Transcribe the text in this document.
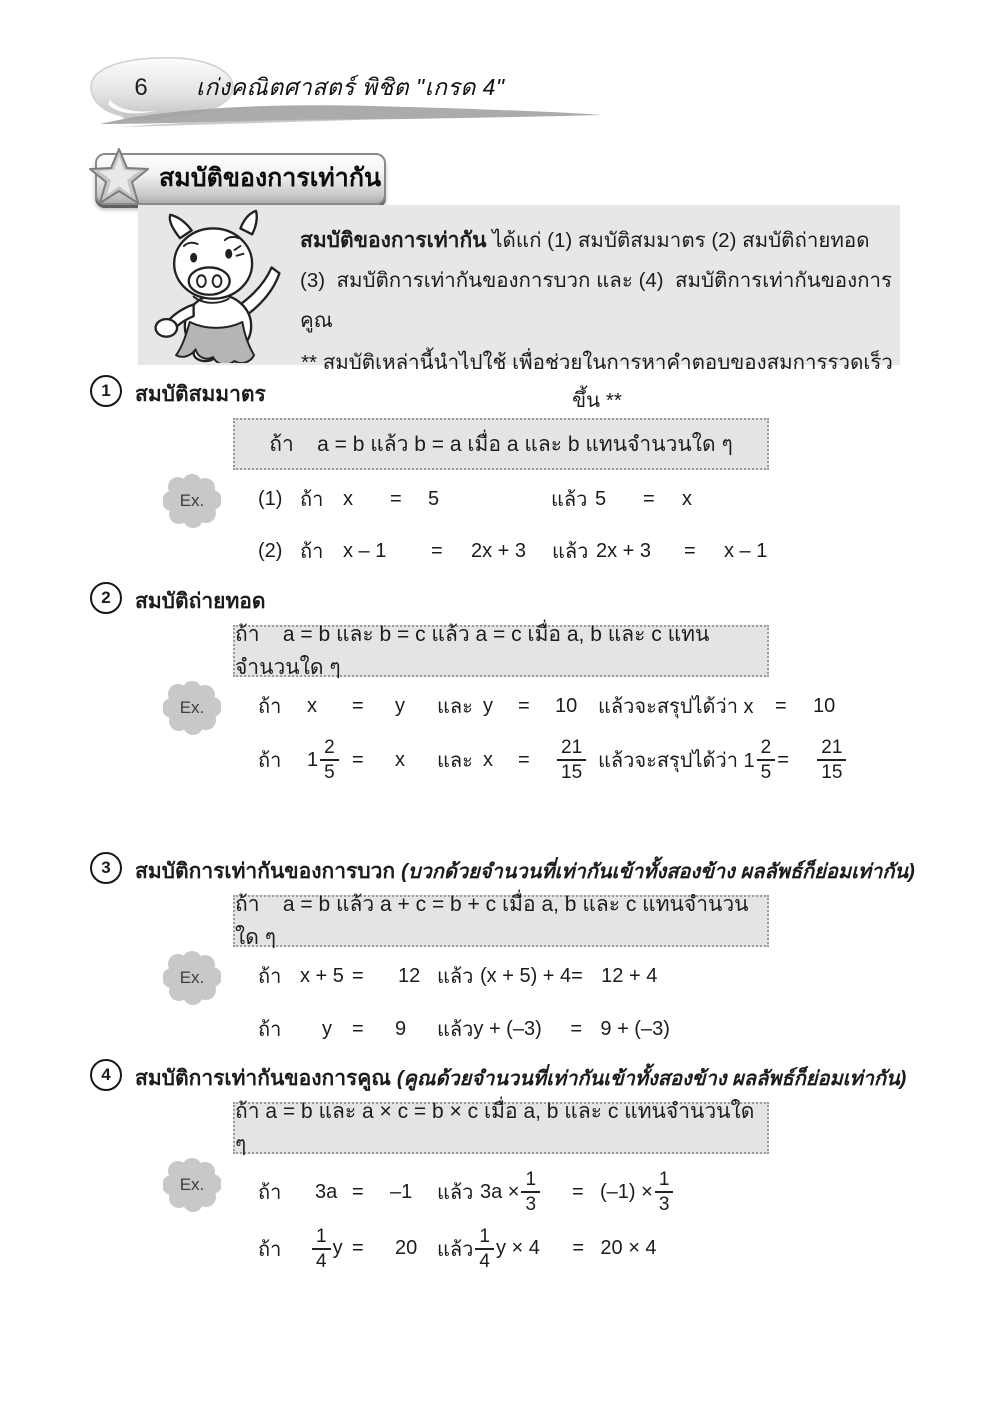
6	เก่งคณิตศาสตร์ พิชิต "เกรด 4"
สมบัติของการเท่ากัน
สมบัติของการเท่ากัน ได้แก่ (1) สมบัติสมมาตร (2) สมบัติถ่ายทอด
(3)  สมบัติการเท่ากันของการบวก และ (4)  สมบัติการเท่ากันของการคูณ
** สมบัติเหล่านี้นำไปใช้ เพื่อช่วยในการหาคำตอบของสมการรวดเร็วขึ้น **
1	สมบัติสมมาตร
ถ้า    a = b แล้ว b = a เมื่อ a และ b แทนจำนวนใด ๆ
Ex.	(1) ถ้า x = 5	แล้ว 5 = x
(2) ถ้า x – 1 = 2x + 3 แล้ว 2x + 3 = x – 1
2	สมบัติถ่ายทอด
ถ้า    a = b และ b = c แล้ว a = c เมื่อ a, b และ c แทนจำนวนใด ๆ
Ex.	ถ้า x = y และ y = 10 แล้วจะสรุปได้ว่า x = 10
ถ้า $1 \frac{2}{5} = x$ และ $x = \frac{21}{15}$ แล้วจะสรุปได้ว่า $1 \frac{2}{5} = \frac{21}{15}$
3	สมบัติการเท่ากันของการบวก (บวกด้วยจำนวนที่เท่ากันเข้าทั้งสองข้าง ผลลัพธ์ก็ย่อมเท่ากัน)
ถ้า    a = b แล้ว a + c = b + c เมื่อ a, b และ c แทนจำนวนใด ๆ
Ex.	ถ้า x + 5 = 12 แล้ว (x + 5) + 4 = 12 + 4
ถ้า y = 9 แล้ว y + (–3) = 9 + (–3)
4	สมบัติการเท่ากันของการคูณ (คูณด้วยจำนวนที่เท่ากันเข้าทั้งสองข้าง ผลลัพธ์ก็ย่อมเท่ากัน)
ถ้า a = b และ a × c = b × c เมื่อ a, b และ c แทนจำนวนใด ๆ
Ex.	ถ้า 3a = –1 แล้ว $3a \times \frac{1}{3} = (-1) \times \frac{1}{3}$
ถ้า $\frac{1}{4}$ y = 20 แล้ว $\frac{1}{4}$ y × 4 = 20 × 4
